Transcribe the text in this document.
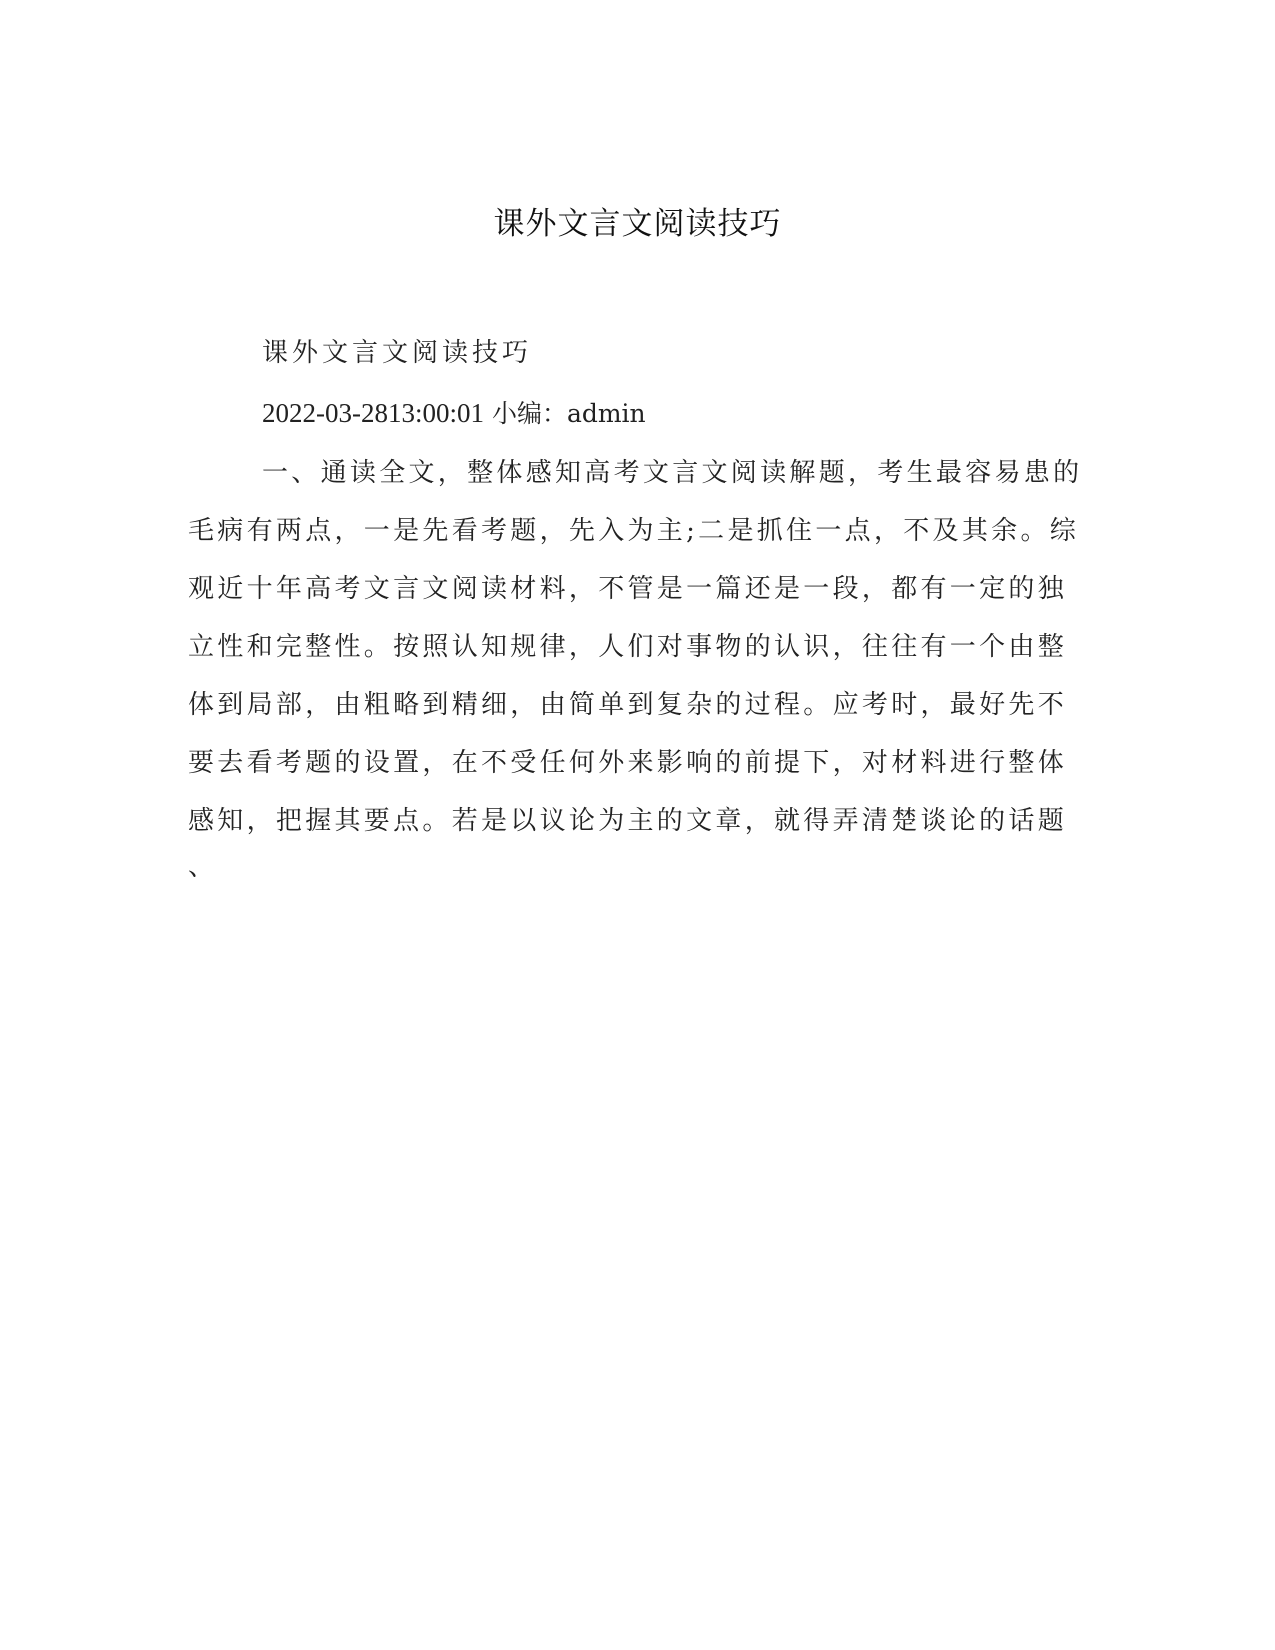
课外文言文阅读技巧

课外文言文阅读技巧

2022-03-2813:00:01 小编：admin

一、通读全文，整体感知高考文言文阅读解题，考生最容易患的

毛病有两点，一是先看考题，先入为主;二是抓住一点，不及其余。综

观近十年高考文言文阅读材料，不管是一篇还是一段，都有一定的独

立性和完整性。按照认知规律，人们对事物的认识，往往有一个由整

体到局部，由粗略到精细，由简单到复杂的过程。应考时，最好先不

要去看考题的设置，在不受任何外来影响的前提下，对材料进行整体

感知，把握其要点。若是以议论为主的文章，就得弄清楚谈论的话题

、
